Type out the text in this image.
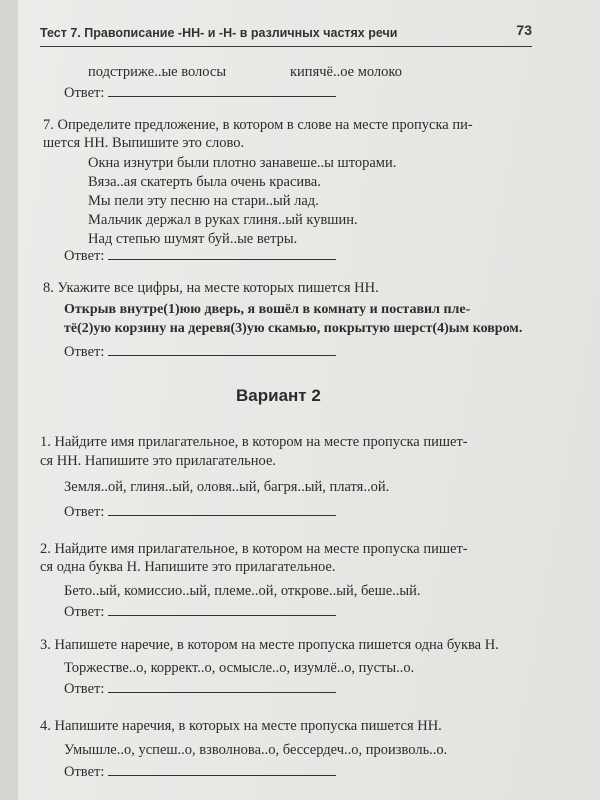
Тест 7. Правописание -НН- и -Н- в различных частях речи	73
подстриже..ые волосы	кипячё..ое молоко
Ответ:
7. Определите предложение, в котором в слове на месте пропуска пи-
шется НН. Выпишите это слово.
Окна изнутри были плотно занавеше..ы шторами.
Вяза..ая скатерть была очень красива.
Мы пели эту песню на стари..ый лад.
Мальчик держал в руках глиня..ый кувшин.
Над степью шумят буй..ые ветры.
Ответ:
8. Укажите все цифры, на месте которых пишется НН.
Открыв внутре(1)юю дверь, я вошёл в комнату и поставил пле-
тё(2)ую корзину на деревя(3)ую скамью, покрытую шерст(4)ым ковром.
Ответ:
Вариант 2
1. Найдите имя прилагательное, в котором на месте пропуска пишет-
ся НН. Напишите это прилагательное.
Земля..ой, глиня..ый, оловя..ый, багря..ый, платя..ой.
Ответ:
2. Найдите имя прилагательное, в котором на месте пропуска пишет-
ся одна буква Н. Напишите это прилагательное.
Бето..ый, комиссио..ый, племе..ой, открове..ый, беше..ый.
Ответ:
3. Напишете наречие, в котором на месте пропуска пишется одна буква Н.
Торжестве..о, коррект..о, осмысле..о, изумлё..о, пусты..о.
Ответ:
4. Напишите наречия, в которых на месте пропуска пишется НН.
Умышле..о, успеш..о, взволнова..о, бессердеч..о, произволь..о.
Ответ:
